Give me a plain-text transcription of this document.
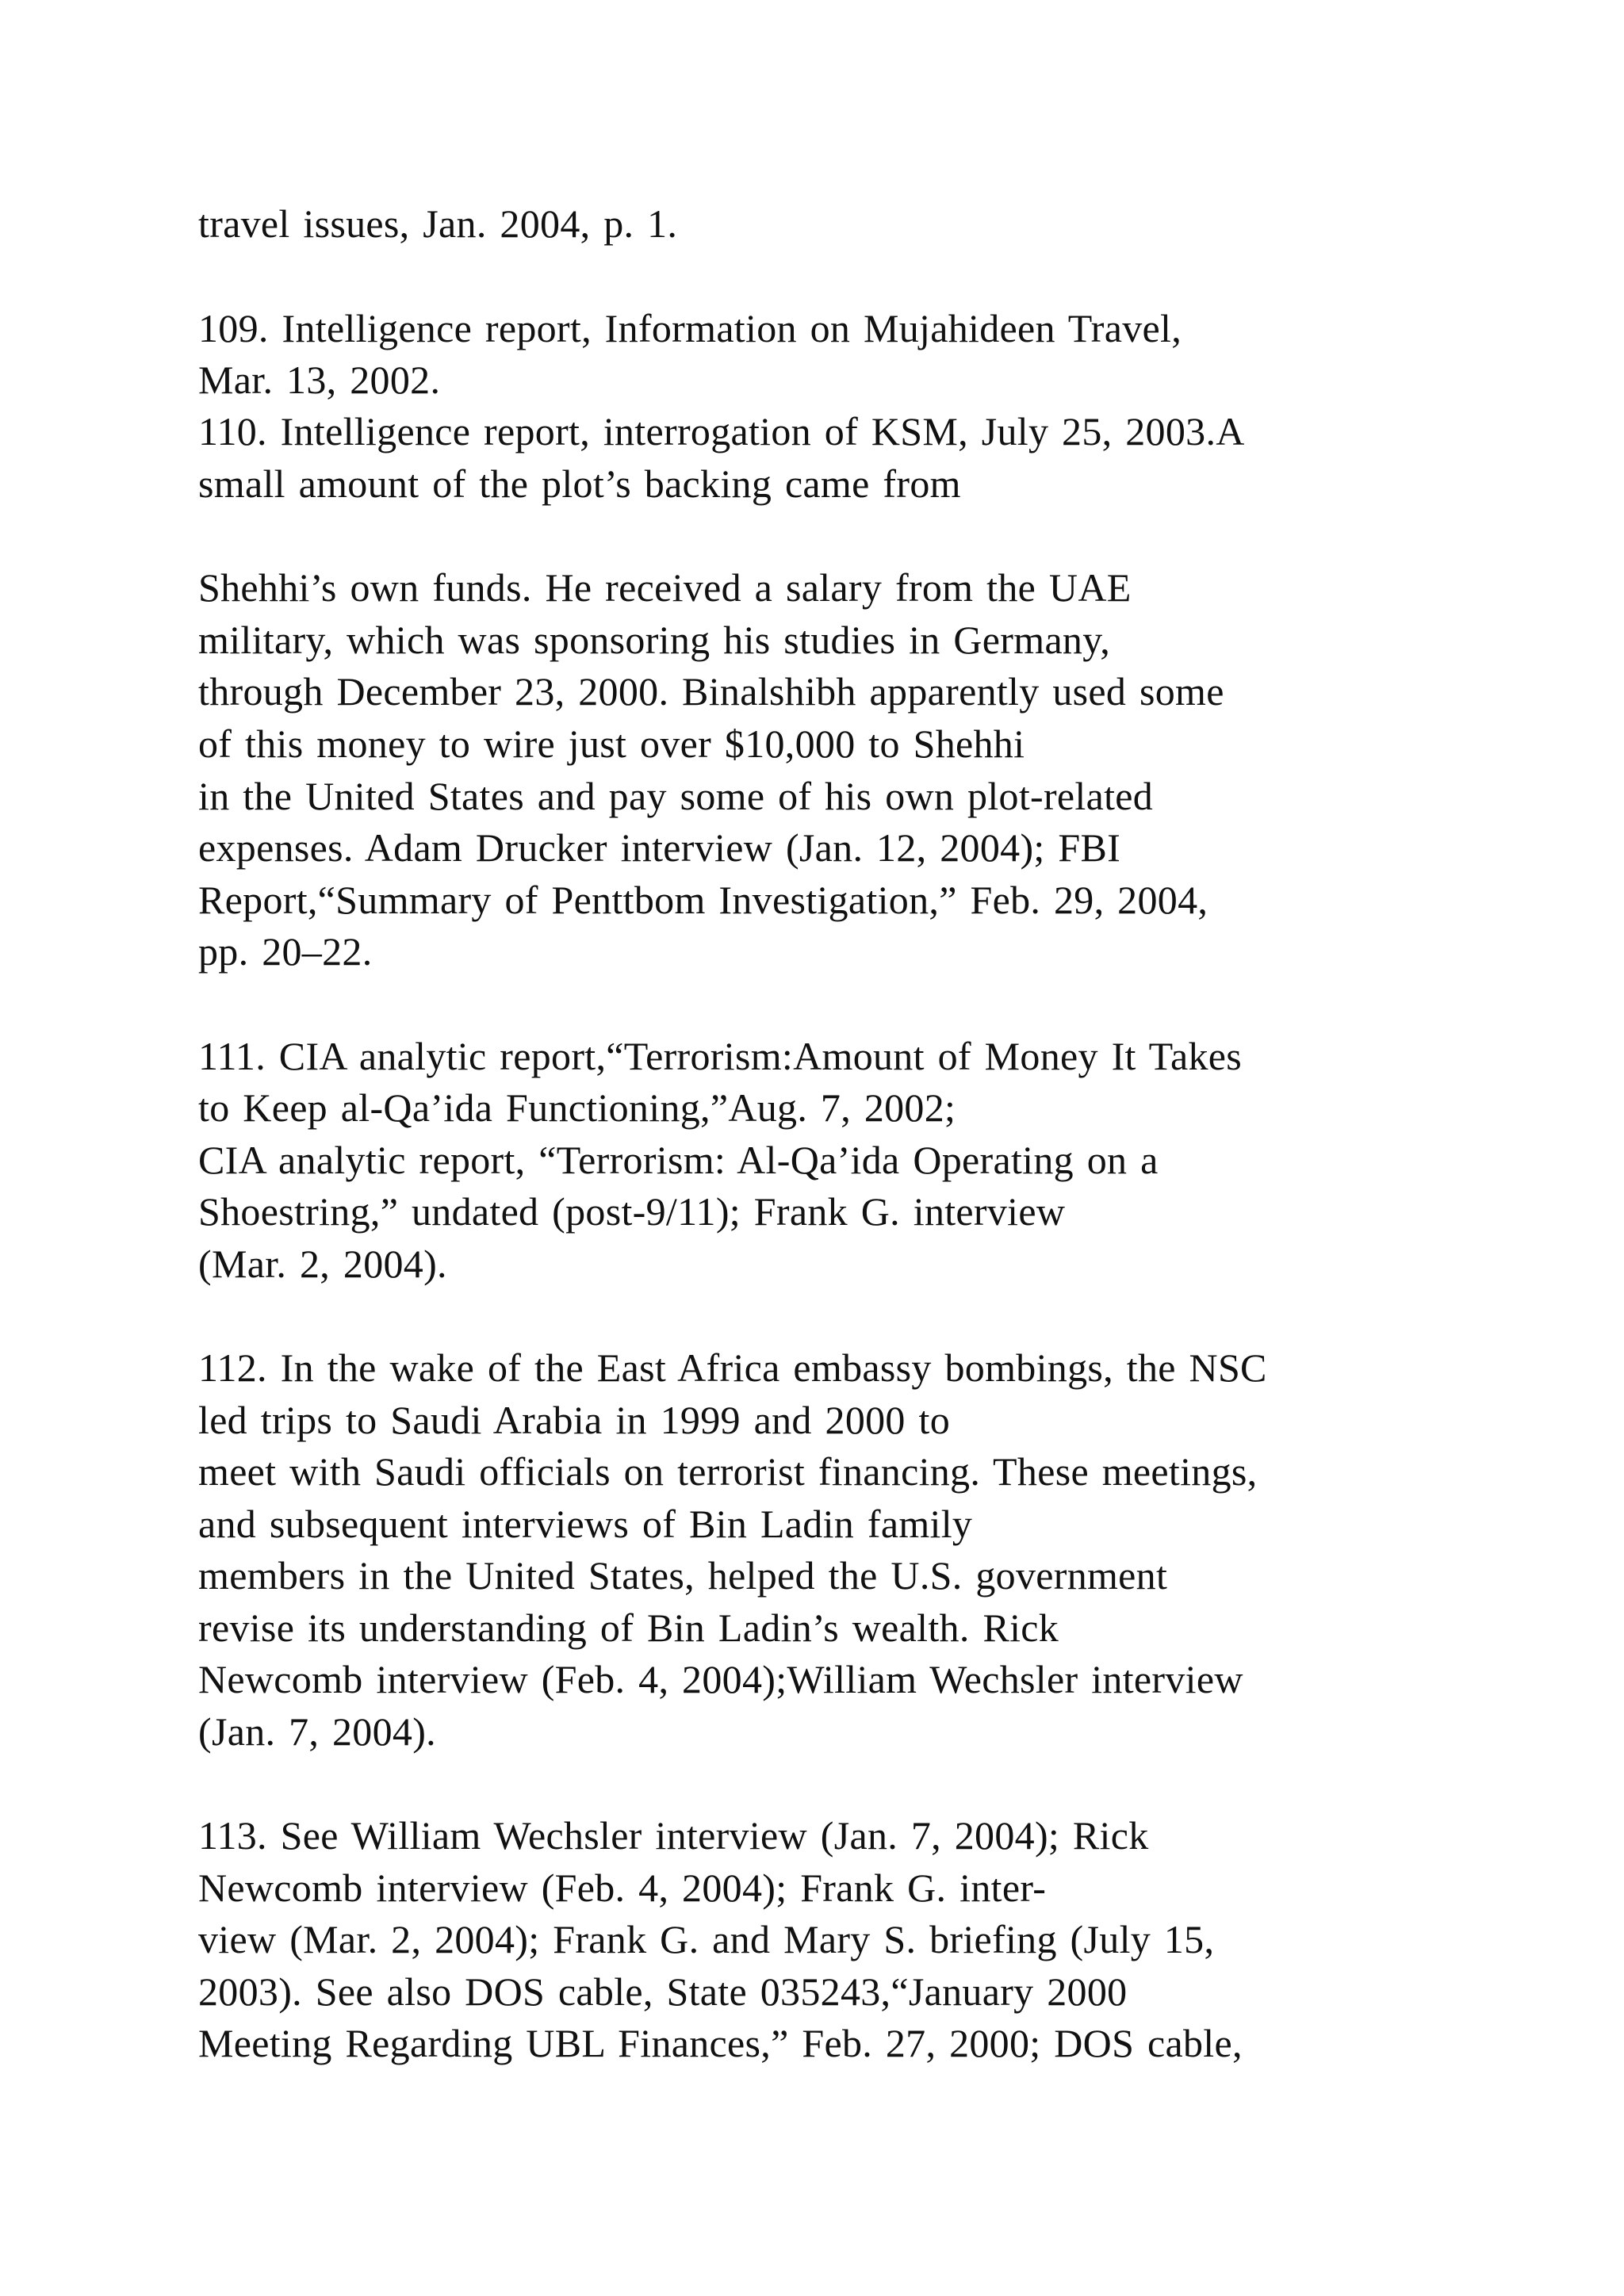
travel issues, Jan. 2004, p. 1.
109. Intelligence report, Information on Mujahideen Travel,
Mar. 13, 2002.
110. Intelligence report, interrogation of KSM, July 25, 2003.A
small amount of the plot’s backing came from
Shehhi’s own funds. He received a salary from the UAE
military, which was sponsoring his studies in Germany,
through December 23, 2000. Binalshibh apparently used some
of this money to wire just over $10,000 to Shehhi
in the United States and pay some of his own plot-related
expenses. Adam Drucker interview (Jan. 12, 2004); FBI
Report,“Summary of Penttbom Investigation,” Feb. 29, 2004,
pp. 20–22.
111. CIA analytic report,“Terrorism:Amount of Money It Takes
to Keep al-Qa’ida Functioning,”Aug. 7, 2002;
CIA analytic report, “Terrorism: Al-Qa’ida Operating on a
Shoestring,” undated (post-9/11); Frank G. interview
(Mar. 2, 2004).
112. In the wake of the East Africa embassy bombings, the NSC
led trips to Saudi Arabia in 1999 and 2000 to
meet with Saudi officials on terrorist financing. These meetings,
and subsequent interviews of Bin Ladin family
members in the United States, helped the U.S. government
revise its understanding of Bin Ladin’s wealth. Rick
Newcomb interview (Feb. 4, 2004);William Wechsler interview
(Jan. 7, 2004).
113. See William Wechsler interview (Jan. 7, 2004); Rick
Newcomb interview (Feb. 4, 2004); Frank G. inter-
view (Mar. 2, 2004); Frank G. and Mary S. briefing (July 15,
2003). See also DOS cable, State 035243,“January 2000
Meeting Regarding UBL Finances,” Feb. 27, 2000; DOS cable,
